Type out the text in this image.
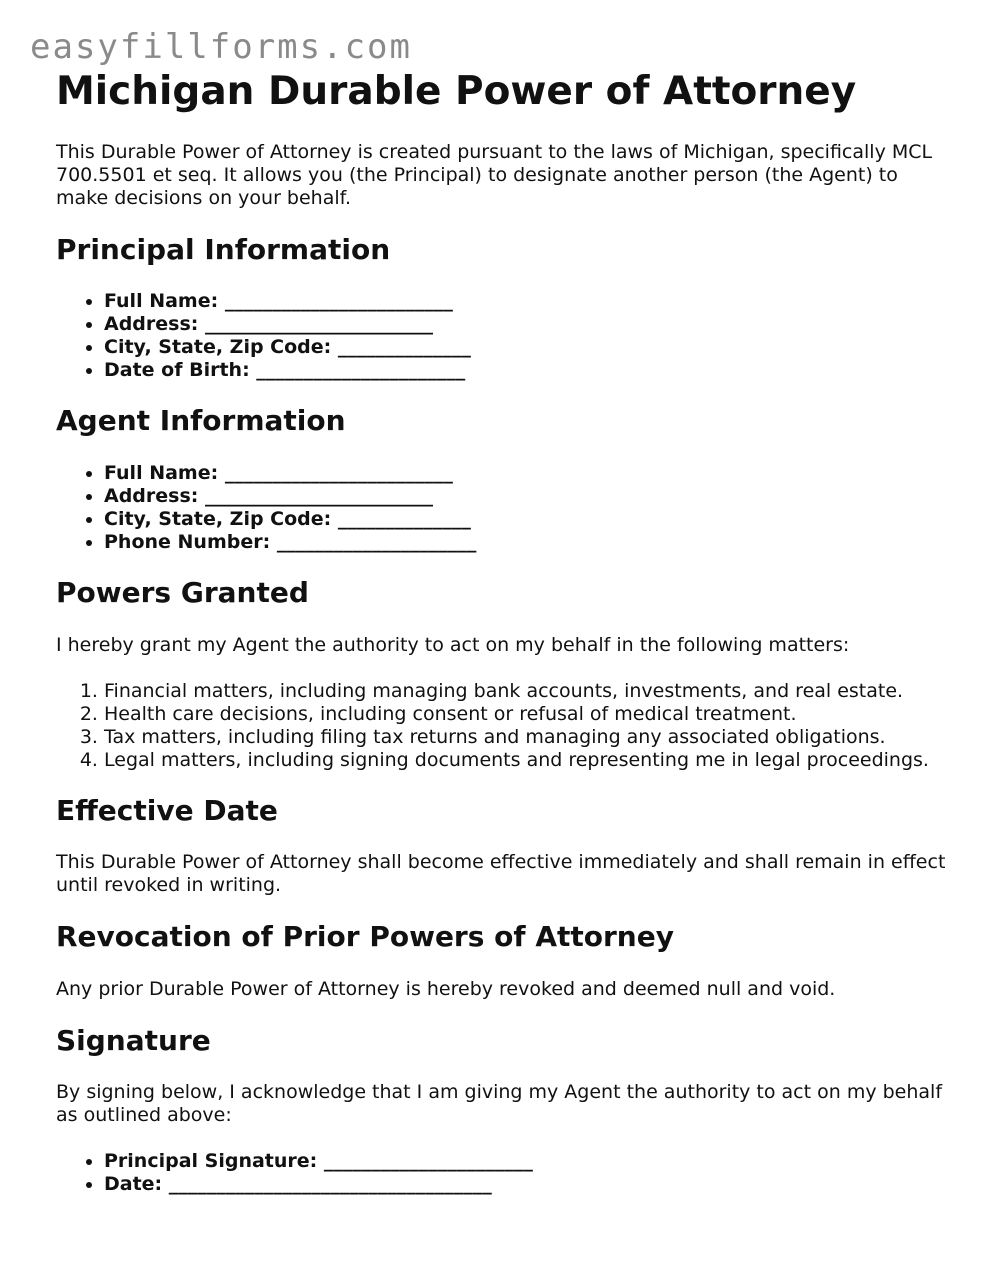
easyfillforms.com
Michigan Durable Power of Attorney

This Durable Power of Attorney is created pursuant to the laws of Michigan, specifically MCL 700.5501 et seq. It allows you (the Principal) to designate another person (the Agent) to make decisions on your behalf.

Principal Information
• Full Name: ________________________
• Address: ________________________
• City, State, Zip Code: ______________
• Date of Birth: ______________________
Agent Information
• Full Name: ________________________
• Address: ________________________
• City, State, Zip Code: ______________
• Phone Number: _____________________
Powers Granted

I hereby grant my Agent the authority to act on my behalf in the following matters:

1. Financial matters, including managing bank accounts, investments, and real estate.
2. Health care decisions, including consent or refusal of medical treatment.
3. Tax matters, including filing tax returns and managing any associated obligations.
4. Legal matters, including signing documents and representing me in legal proceedings.
Effective Date

This Durable Power of Attorney shall become effective immediately and shall remain in effect until revoked in writing.

Revocation of Prior Powers of Attorney

Any prior Durable Power of Attorney is hereby revoked and deemed null and void.

Signature

By signing below, I acknowledge that I am giving my Agent the authority to act on my behalf as outlined above:

• Principal Signature: ______________________
• Date: __________________________________
